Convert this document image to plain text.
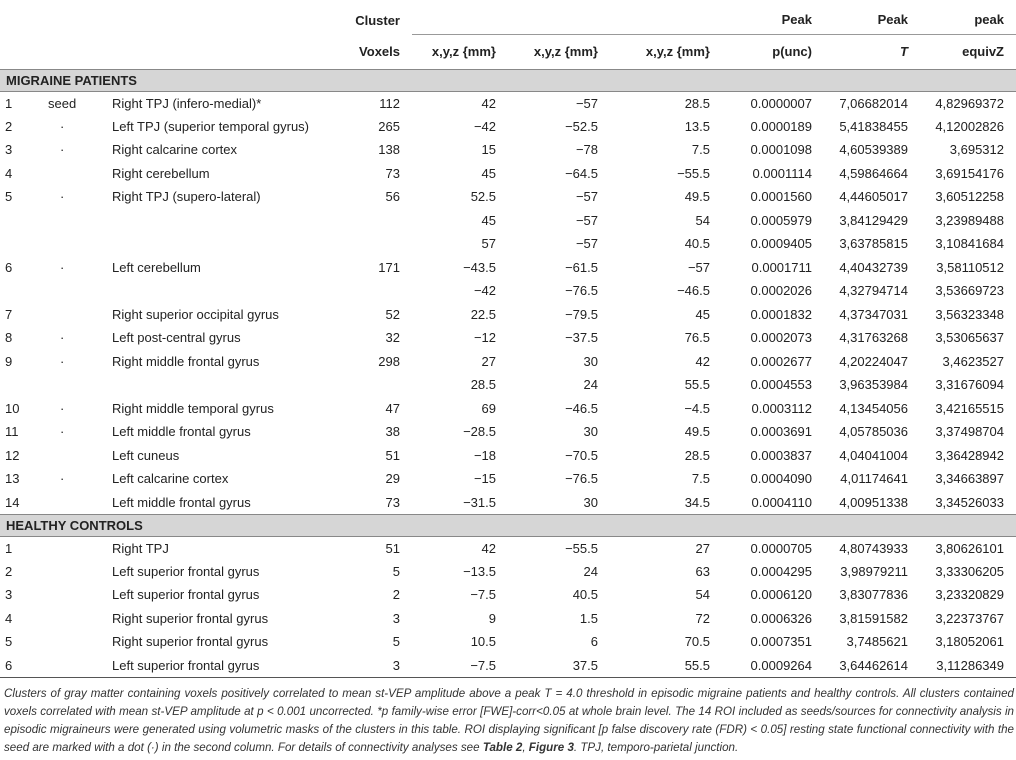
			Cluster				Peak	Peak	peak
			Voxels	x,y,z {mm}	x,y,z {mm}	x,y,z {mm}	p(unc)	T	equivZ
MIGRAINE PATIENTS									
1	seed	Right TPJ (infero-medial)*	112	42	−57	28.5	0.0000007	7,06682014	4,82969372
2	·	Left TPJ (superior temporal gyrus)	265	−42	−52.5	13.5	0.0000189	5,41838455	4,12002826
3	·	Right calcarine cortex	138	15	−78	7.5	0.0001098	4,60539389	3,695312
4		Right cerebellum	73	45	−64.5	−55.5	0.0001114	4,59864664	3,69154176
5	·	Right TPJ (supero-lateral)	56	52.5	−57	49.5	0.0001560	4,44605017	3,60512258
				45	−57	54	0.0005979	3,84129429	3,23989488
				57	−57	40.5	0.0009405	3,63785815	3,10841684
6	·	Left cerebellum	171	−43.5	−61.5	−57	0.0001711	4,40432739	3,58110512
				−42	−76.5	−46.5	0.0002026	4,32794714	3,53669723
7		Right superior occipital gyrus	52	22.5	−79.5	45	0.0001832	4,37347031	3,56323348
8	·	Left post-central gyrus	32	−12	−37.5	76.5	0.0002073	4,31763268	3,53065637
9	·	Right middle frontal gyrus	298	27	30	42	0.0002677	4,20224047	3,4623527
				28.5	24	55.5	0.0004553	3,96353984	3,31676094
10	·	Right middle temporal gyrus	47	69	−46.5	−4.5	0.0003112	4,13454056	3,42165515
11	·	Left middle frontal gyrus	38	−28.5	30	49.5	0.0003691	4,05785036	3,37498704
12		Left cuneus	51	−18	−70.5	28.5	0.0003837	4,04041004	3,36428942
13	·	Left calcarine cortex	29	−15	−76.5	7.5	0.0004090	4,01174641	3,34663897
14		Left middle frontal gyrus	73	−31.5	30	34.5	0.0004110	4,00951338	3,34526033
HEALTHY CONTROLS									
1		Right TPJ	51	42	−55.5	27	0.0000705	4,80743933	3,80626101
2		Left superior frontal gyrus	5	−13.5	24	63	0.0004295	3,98979211	3,33306205
3		Left superior frontal gyrus	2	−7.5	40.5	54	0.0006120	3,83077836	3,23320829
4		Right superior frontal gyrus	3	9	1.5	72	0.0006326	3,81591582	3,22373767
5		Right superior frontal gyrus	5	10.5	6	70.5	0.0007351	3,7485621	3,18052061
6		Left superior frontal gyrus	3	−7.5	37.5	55.5	0.0009264	3,64462614	3,11286349

Clusters of gray matter containing voxels positively correlated to mean st-VEP amplitude above a peak T = 4.0 threshold in episodic migraine patients and healthy controls. All clusters contained voxels correlated with mean st-VEP amplitude at p < 0.001 uncorrected. *p family-wise error [FWE]-corr<0.05 at whole brain level. The 14 ROI included as seeds/sources for connectivity analysis in episodic migraineurs were generated using volumetric masks of the clusters in this table. ROI displaying significant [p false discovery rate (FDR) < 0.05] resting state functional connectivity with the seed are marked with a dot (·) in the second column. For details of connectivity analyses see Table 2, Figure 3. TPJ, temporo-parietal junction.
